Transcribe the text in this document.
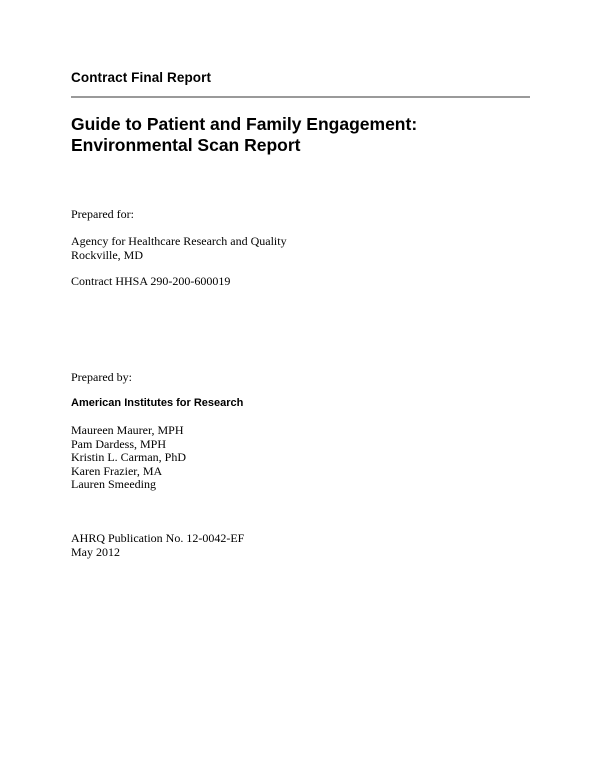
Contract Final Report
Guide to Patient and Family Engagement:
Environmental Scan Report
Prepared for:
Agency for Healthcare Research and Quality
Rockville, MD
Contract HHSA 290-200-600019
Prepared by:
American Institutes for Research
Maureen Maurer, MPH
Pam Dardess, MPH
Kristin L. Carman, PhD
Karen Frazier, MA
Lauren Smeeding
AHRQ Publication No. 12-0042-EF
May 2012
